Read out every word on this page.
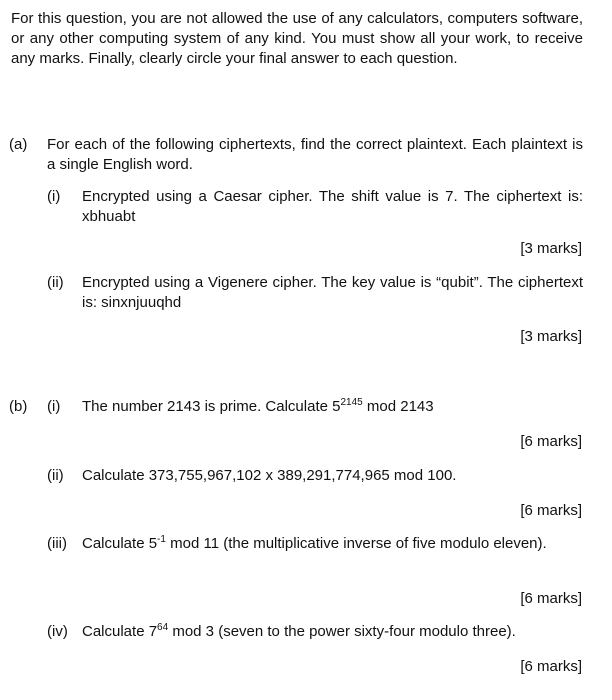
For this question, you are not allowed the use of any calculators, computers software, or any other computing system of any kind. You must show all your work, to receive any marks. Finally, clearly circle your final answer to each question.
(a) For each of the following ciphertexts, find the correct plaintext. Each plaintext is a single English word.
(i) Encrypted using a Caesar cipher. The shift value is 7. The ciphertext is: xbhuabt
[3 marks]
(ii) Encrypted using a Vigenere cipher. The key value is “qubit”. The ciphertext is: sinxnjuuqhd
[3 marks]
(b) (i) The number 2143 is prime. Calculate $5^{2145}$ mod 2143
[6 marks]
(ii) Calculate 373,755,967,102 x 389,291,774,965 mod 100.
[6 marks]
(iii) Calculate $5^{-1}$ mod 11 (the multiplicative inverse of five modulo eleven).
[6 marks]
(iv) Calculate $7^{64}$ mod 3 (seven to the power sixty-four modulo three).
[6 marks]
